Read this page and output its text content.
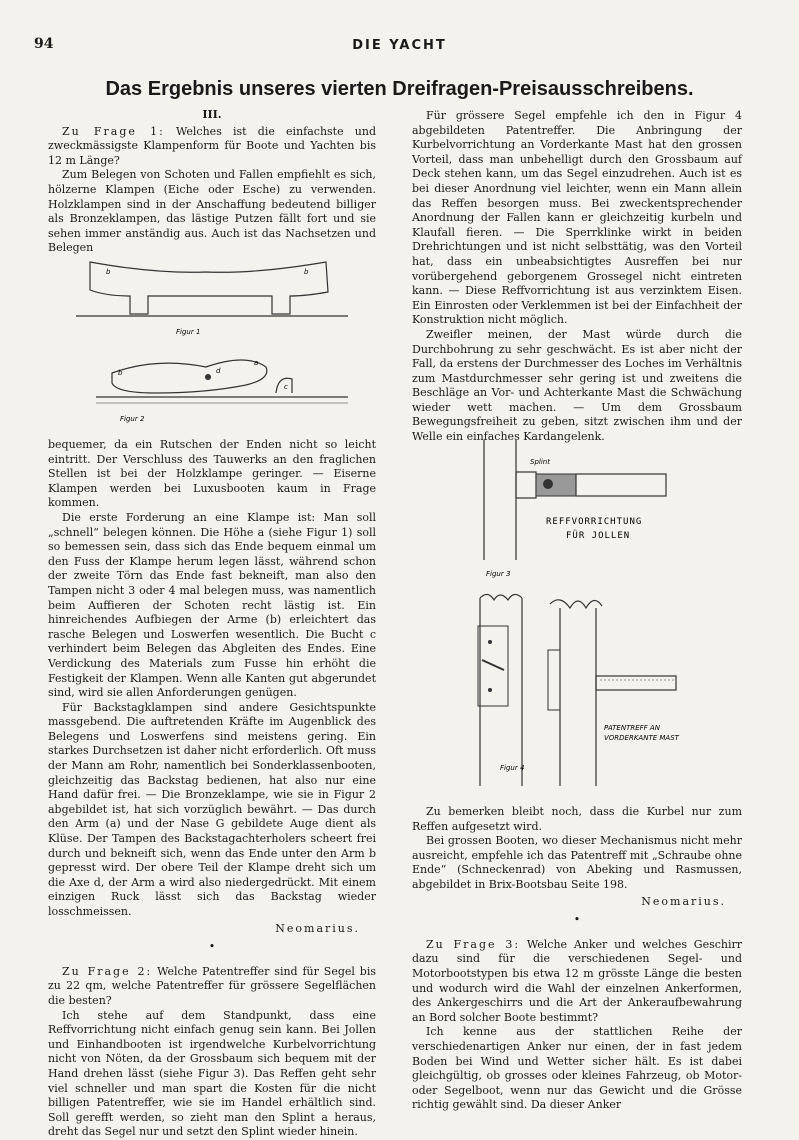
94	DIE YACHT
Das Ergebnis unseres vierten Dreifragen-Preisausschreibens.

III.

Zu Frage 1: Welches ist die einfachste und zweckmässigste Klampenform für Boote und Yachten bis 12 m Länge?

Zum Belegen von Schoten und Fallen empfiehlt es sich, hölzerne Klampen (Eiche oder Esche) zu verwenden. Holzklampen sind in der Anschaffung bedeutend billiger als Bronzeklampen, das lästige Putzen fällt fort und sie sehen immer anständig aus. Auch ist das Nachsetzen und Belegen

b	b
Figur 1
b	d
a
c
Figur 2

bequemer, da ein Rutschen der Enden nicht so leicht eintritt. Der Verschluss des Tauwerks an den fraglichen Stellen ist bei der Holzklampe geringer. — Eiserne Klampen werden bei Luxusbooten kaum in Frage kommen.

Die erste Forderung an eine Klampe ist: Man soll „schnell“ belegen können. Die Höhe a (siehe Figur 1) soll so bemessen sein, dass sich das Ende bequem einmal um den Fuss der Klampe herum legen lässt, während schon der zweite Törn das Ende fast bekneift, man also den Tampen nicht 3 oder 4 mal belegen muss, was namentlich beim Auffieren der Schoten recht lästig ist. Ein hinreichendes Aufbiegen der Arme (b) erleichtert das rasche Belegen und Loswerfen wesentlich. Die Bucht c verhindert beim Belegen das Abgleiten des Endes. Eine Verdickung des Materials zum Fusse hin erhöht die Festigkeit der Klampen. Wenn alle Kanten gut abgerundet sind, wird sie allen Anforderungen genügen.

Für Backstagklampen sind andere Gesichtspunkte massgebend. Die auftretenden Kräfte im Augenblick des Belegens und Loswerfens sind meistens gering. Ein starkes Durchsetzen ist daher nicht erforderlich. Oft muss der Mann am Rohr, namentlich bei Sonderklassenbooten, gleichzeitig das Backstag bedienen, hat also nur eine Hand dafür frei. — Die Bronzeklampe, wie sie in Figur 2 abgebildet ist, hat sich vorzüglich bewährt. — Das durch den Arm (a) und der Nase G gebildete Auge dient als Klüse. Der Tampen des Backstagachterholers scheert frei durch und bekneift sich, wenn das Ende unter den Arm b gepresst wird. Der obere Teil der Klampe dreht sich um die Axe d, der Arm a wird also niedergedrückt. Mit einem einzigen Ruck lässt sich das Backstag wieder losschmeissen.

Neomarius.

•

Zu Frage 2: Welche Patentreffer sind für Segel bis zu 22 qm, welche Patentreffer für grössere Segelflächen die besten?

Ich stehe auf dem Standpunkt, dass eine Reffvorrichtung nicht einfach genug sein kann. Bei Jollen und Einhandbooten ist irgendwelche Kurbelvorrichtung nicht von Nöten, da der Grossbaum sich bequem mit der Hand drehen lässt (siehe Figur 3). Das Reffen geht sehr viel schneller und man spart die Kosten für die nicht billigen Patentreffer, wie sie im Handel erhältlich sind. Soll gerefft werden, so zieht man den Splint a heraus, dreht das Segel nur und setzt den Splint wieder hinein.

Für grössere Segel empfehle ich den in Figur 4 abgebildeten Patentreffer. Die Anbringung der Kurbelvorrichtung an Vorderkante Mast hat den grossen Vorteil, dass man unbehelligt durch den Grossbaum auf Deck stehen kann, um das Segel einzudrehen. Auch ist es bei dieser Anordnung viel leichter, wenn ein Mann allein das Reffen besorgen muss. Bei zweckentsprechender Anordnung der Fallen kann er gleichzeitig kurbeln und Klaufall fieren. — Die Sperrklinke wirkt in beiden Drehrichtungen und ist nicht selbsttätig, was den Vorteil hat, dass ein unbeabsichtigtes Ausreffen bei nur vorübergehend geborgenem Grossegel nicht eintreten kann. — Diese Reffvorrichtung ist aus verzinktem Eisen. Ein Einrosten oder Verklemmen ist bei der Einfachheit der Konstruktion nicht möglich.

Zweifler meinen, der Mast würde durch die Durchbohrung zu sehr geschwächt. Es ist aber nicht der Fall, da erstens der Durchmesser des Loches im Verhältnis zum Mastdurchmesser sehr gering ist und zweitens die Beschläge an Vor- und Achterkante Mast die Schwächung wieder wett machen. — Um dem Grossbaum Bewegungsfreiheit zu geben, sitzt zwischen ihm und der Welle ein einfaches Kardangelenk.

Splint
REFFVORRICHTUNG
FÜR JOLLEN
Figur 3
PATENTREFF AN
VORDERKANTE MAST
Figur 4

Zu bemerken bleibt noch, dass die Kurbel nur zum Reffen aufgesetzt wird.

Bei grossen Booten, wo dieser Mechanismus nicht mehr ausreicht, empfehle ich das Patentreff mit „Schraube ohne Ende“ (Schneckenrad) von Abeking und Rasmussen, abgebildet in Brix-Bootsbau Seite 198.

Neomarius.

•

Zu Frage 3: Welche Anker und welches Geschirr dazu sind für die verschiedenen Segel- und Motorbootstypen bis etwa 12 m grösste Länge die besten und wodurch wird die Wahl der einzelnen Ankerformen, des Ankergeschirrs und die Art der Ankeraufbewahrung an Bord solcher Boote bestimmt?

Ich kenne aus der stattlichen Reihe der verschiedenartigen Anker nur einen, der in fast jedem Boden bei Wind und Wetter sicher hält. Es ist dabei gleichgültig, ob grosses oder kleines Fahrzeug, ob Motor- oder Segelboot, wenn nur das Gewicht und die Grösse richtig gewählt sind. Da dieser Anker
